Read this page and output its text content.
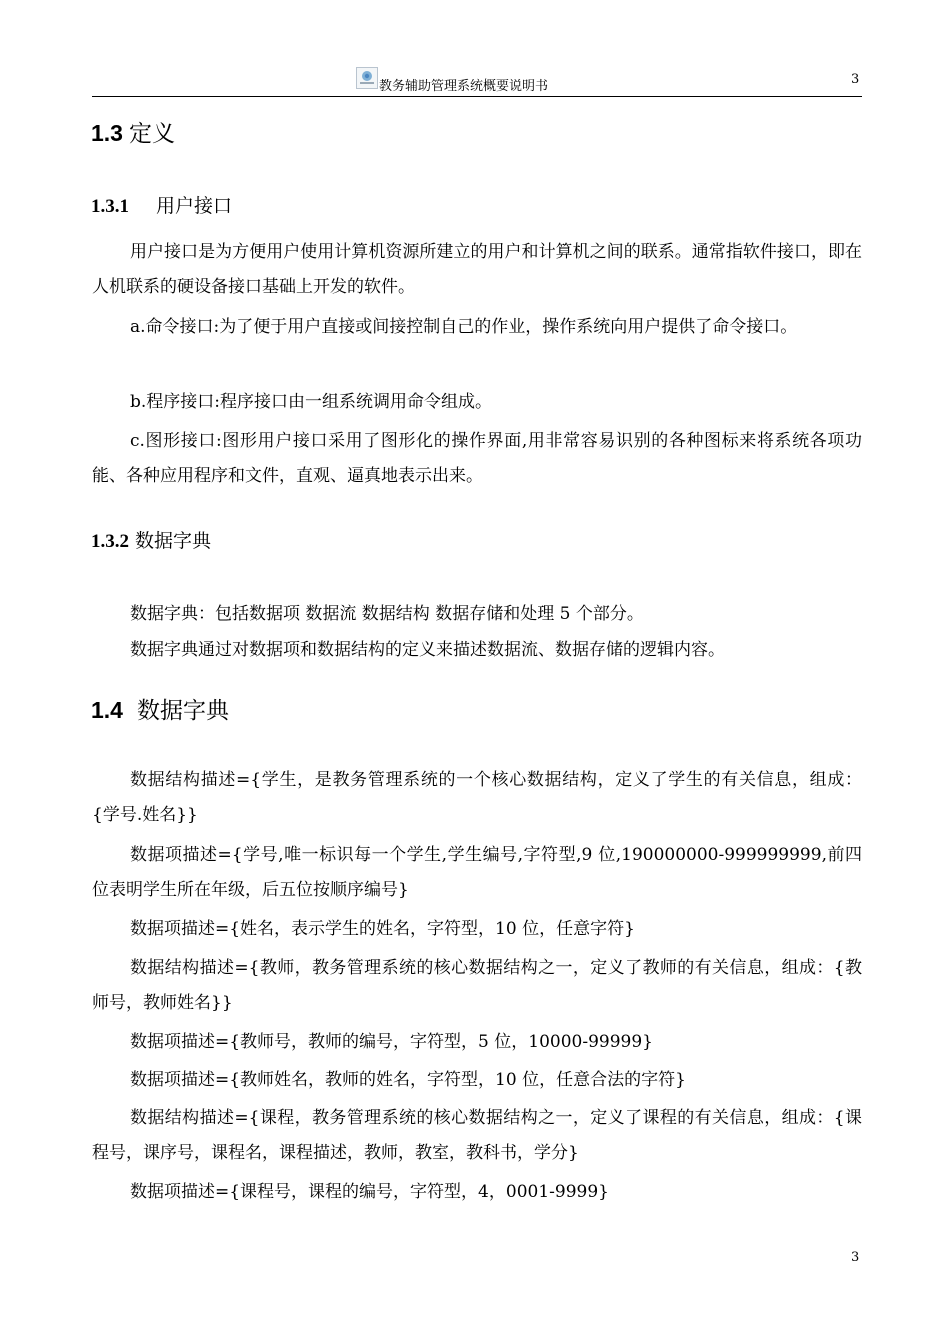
教务辅助管理系统概要说明书	3
1.3 定义
1.3.1 用户接口

用户接口是为方便用户使用计算机资源所建立的用户和计算机之间的联系。通常指软件接口，即在人机联系的硬设备接口基础上开发的软件。

a.命令接口:为了便于用户直接或间接控制自己的作业，操作系统向用户提供了命令接口。

b.程序接口:程序接口由一组系统调用命令组成。

c.图形接口:图形用户接口采用了图形化的操作界面,用非常容易识别的各种图标来将系统各项功能、各种应用程序和文件，直观、逼真地表示出来。

1.3.2 数据字典

数据字典：包括数据项 数据流 数据结构 数据存储和处理 5 个部分。

数据字典通过对数据项和数据结构的定义来描述数据流、数据存储的逻辑内容。

1.4 数据字典

数据结构描述={学生，是教务管理系统的一个核心数据结构，定义了学生的有关信息，组成：{学号.姓名}}

数据项描述={学号,唯一标识每一个学生,学生编号,字符型,9 位,190000000-999999999,前四位表明学生所在年级，后五位按顺序编号}

数据项描述={姓名，表示学生的姓名，字符型，10 位，任意字符}

数据结构描述={教师，教务管理系统的核心数据结构之一，定义了教师的有关信息，组成：{教师号，教师姓名}}

数据项描述={教师号，教师的编号，字符型，5 位，10000-99999}

数据项描述={教师姓名，教师的姓名，字符型，10 位，任意合法的字符}

数据结构描述={课程，教务管理系统的核心数据结构之一，定义了课程的有关信息，组成：{课程号，课序号，课程名，课程描述，教师，教室，教科书，学分}

数据项描述={课程号，课程的编号，字符型，4，0001-9999}

3
